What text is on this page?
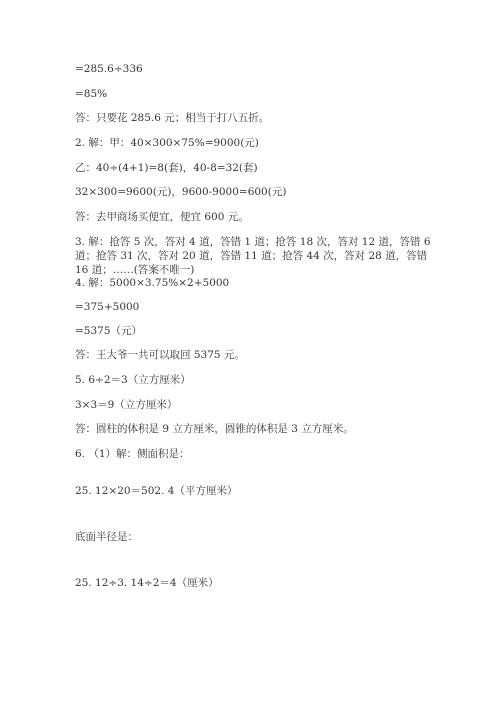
=285.6÷336
=85%
答：只要花 285.6 元；相当于打八五折。
2. 解：甲：40×300×75%=9000(元)
乙：40÷(4+1)=8(套)，40-8=32(套)
32×300=9600(元)，9600-9000=600(元)
答：去甲商场买便宜，便宜 600 元。
3. 解：抢答 5 次，答对 4 道，答错 1 道；抢答 18 次，答对 12 道，答错 6 道；抢答 31 次，答对 20 道，答错 11 道；抢答 44 次，答对 28 道，答错 16 道；……(答案不唯一)
4. 解：5000×3.75%×2+5000
=375+5000
=5375（元）
答：王大爷一共可以取回 5375 元。
5. 6÷2＝3（立方厘米）
3×3＝9（立方厘米）
答：圆柱的体积是 9 立方厘米，圆锥的体积是 3 立方厘米。
6. （1）解：侧面积是：
25. 12×20＝502. 4（平方厘米）
底面半径是：
25. 12÷3. 14÷2＝4（厘米）
